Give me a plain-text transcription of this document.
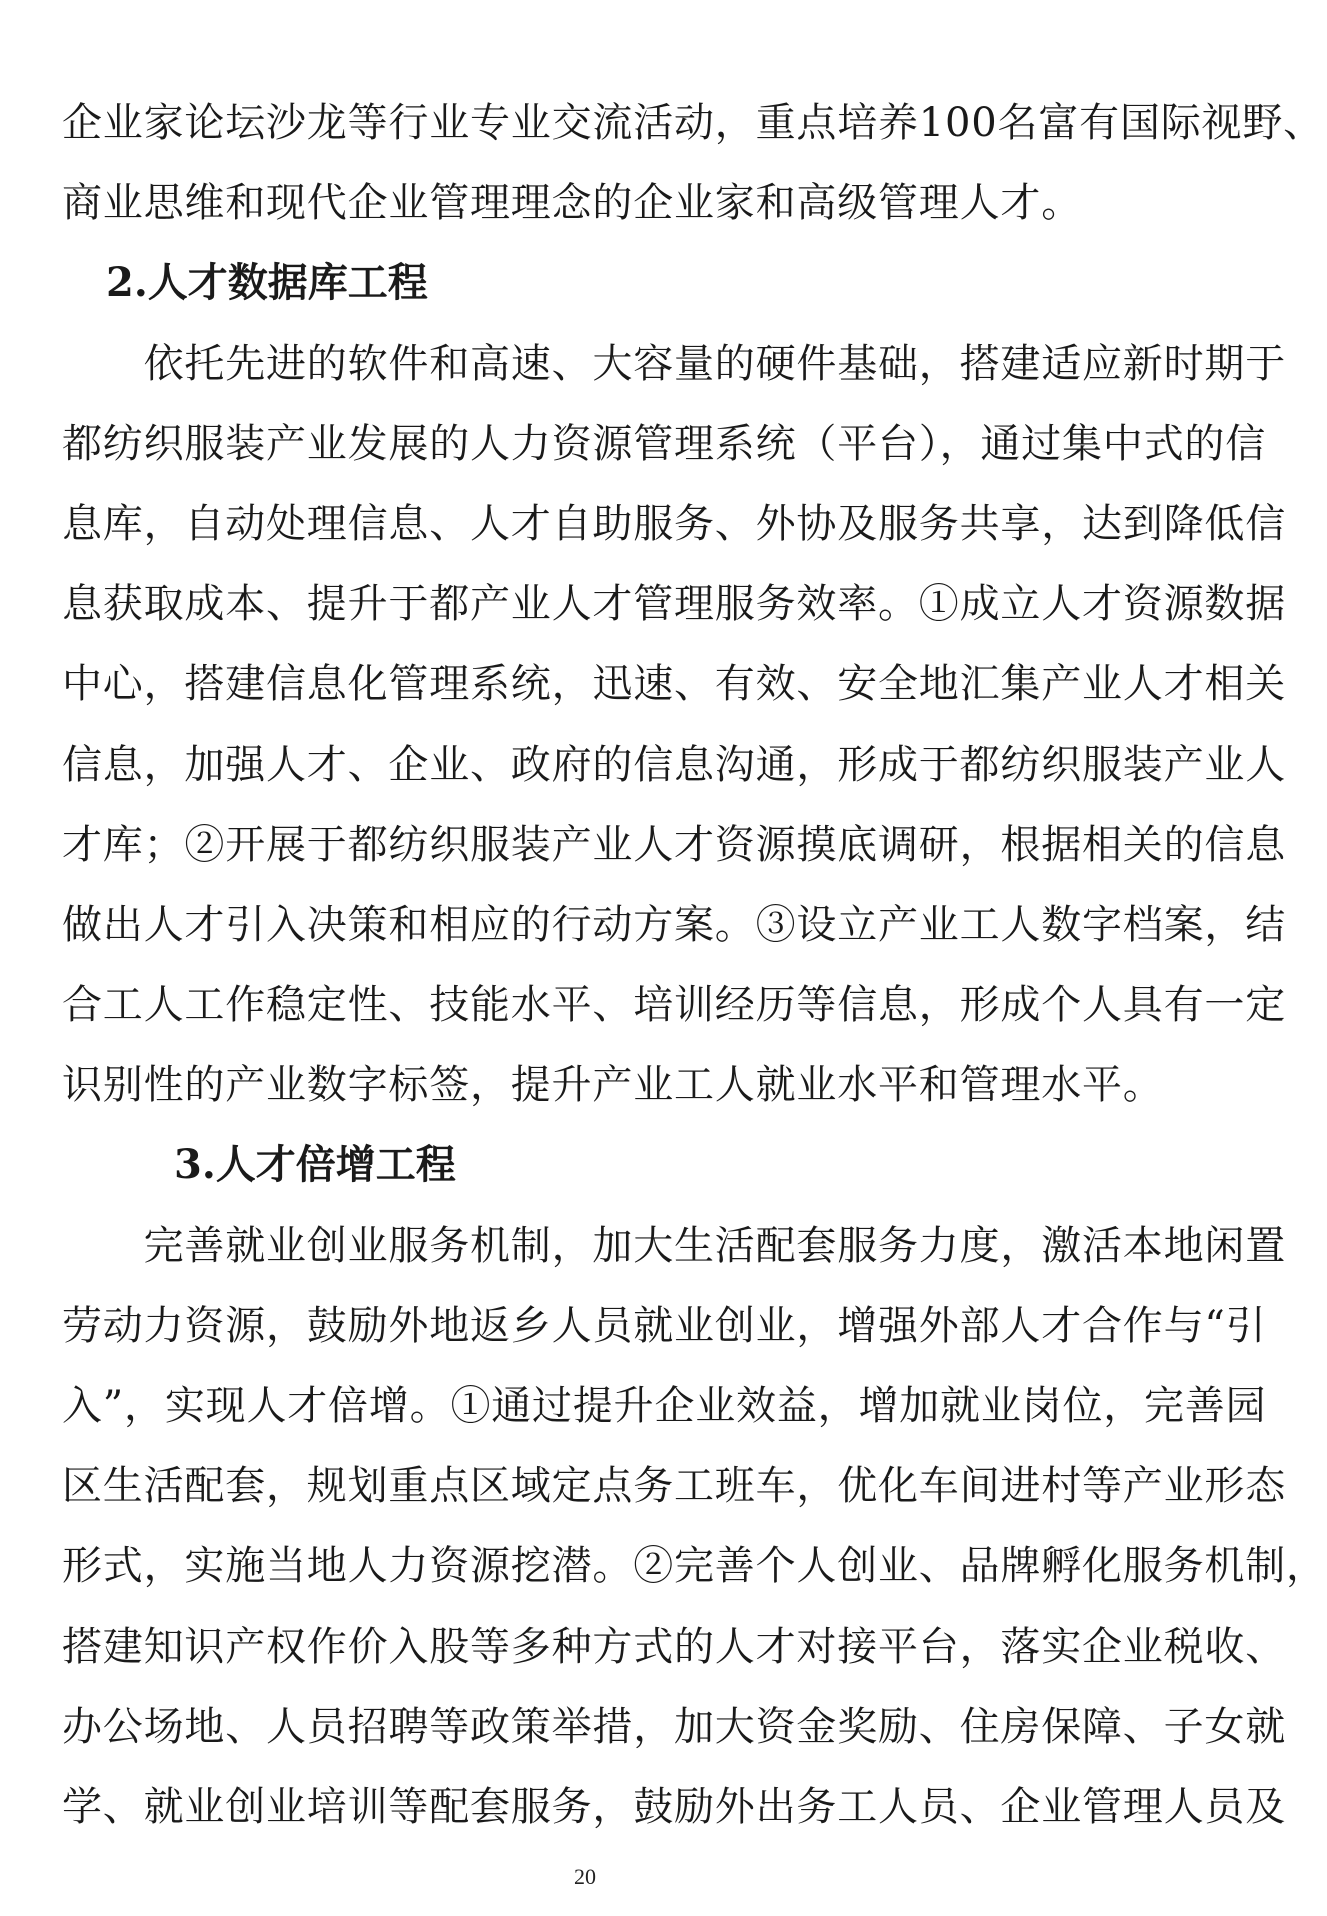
企业家论坛沙龙等行业专业交流活动，重点培养100名富有国际视野、
商业思维和现代企业管理理念的企业家和高级管理人才。
2.人才数据库工程
　　依托先进的软件和高速、大容量的硬件基础，搭建适应新时期于
都纺织服装产业发展的人力资源管理系统（平台），通过集中式的信
息库，自动处理信息、人才自助服务、外协及服务共享，达到降低信
息获取成本、提升于都产业人才管理服务效率。①成立人才资源数据
中心，搭建信息化管理系统，迅速、有效、安全地汇集产业人才相关
信息，加强人才、企业、政府的信息沟通，形成于都纺织服装产业人
才库；②开展于都纺织服装产业人才资源摸底调研，根据相关的信息
做出人才引入决策和相应的行动方案。③设立产业工人数字档案，结
合工人工作稳定性、技能水平、培训经历等信息，形成个人具有一定
识别性的产业数字标签，提升产业工人就业水平和管理水平。
3.人才倍增工程
　　完善就业创业服务机制，加大生活配套服务力度，激活本地闲置
劳动力资源，鼓励外地返乡人员就业创业，增强外部人才合作与“引
入”，实现人才倍增。①通过提升企业效益，增加就业岗位，完善园
区生活配套，规划重点区域定点务工班车，优化车间进村等产业形态
形式，实施当地人力资源挖潜。②完善个人创业、品牌孵化服务机制，
搭建知识产权作价入股等多种方式的人才对接平台，落实企业税收、
办公场地、人员招聘等政策举措，加大资金奖励、住房保障、子女就
学、就业创业培训等配套服务，鼓励外出务工人员、企业管理人员及
20
